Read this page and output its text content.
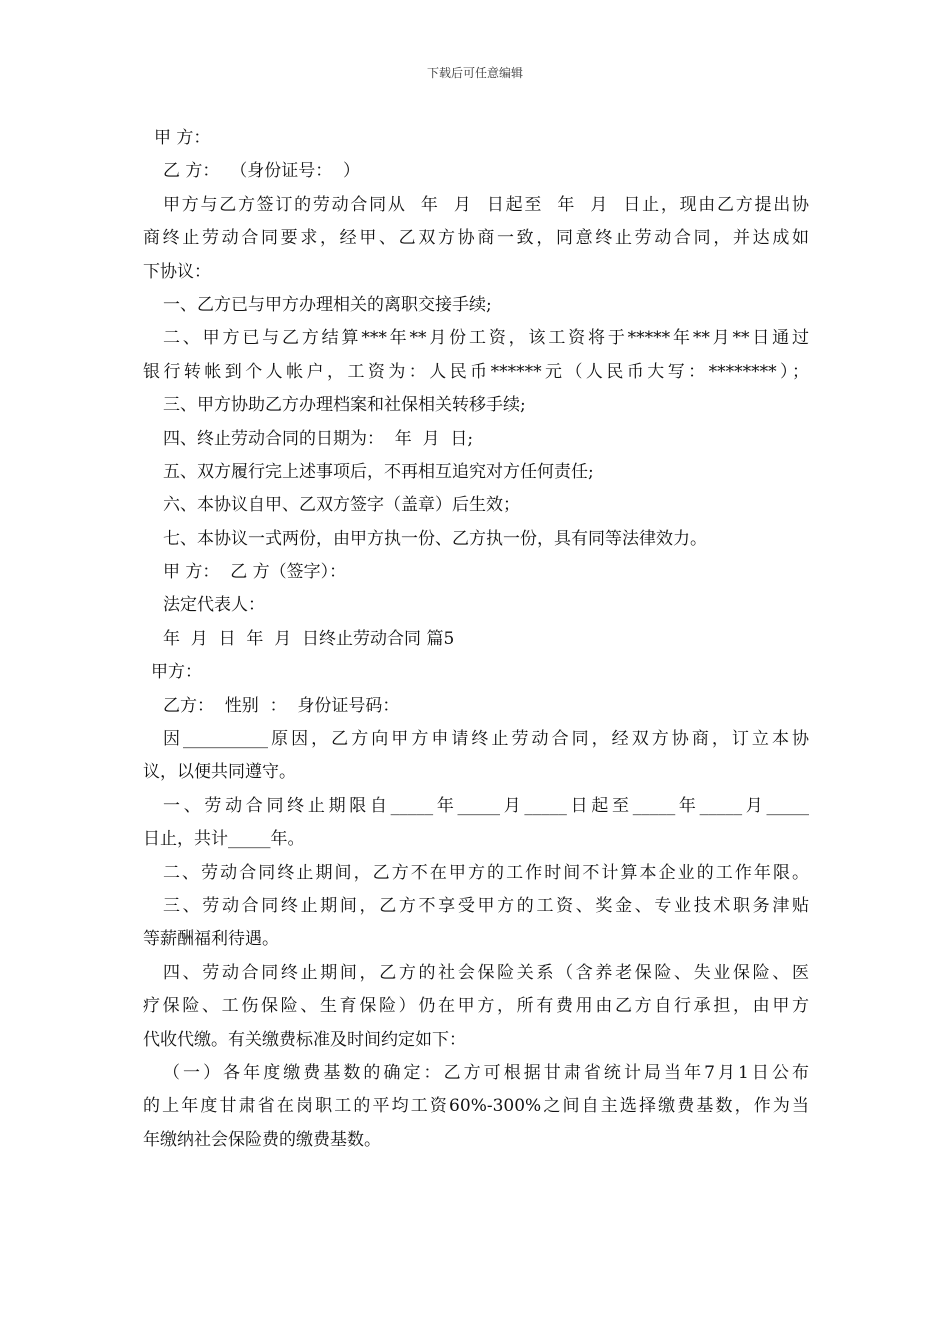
下载后可任意编辑
甲 方：
乙 方：  （身份证号：  ）
甲方与乙方签订的劳动合同从  年  月  日起至  年  月  日止，现由乙方提出协
商终止劳动合同要求，经甲、乙双方协商一致，同意终止劳动合同，并达成如
下协议：
一、乙方已与甲方办理相关的离职交接手续;
二、甲方已与乙方结算***年**月份工资，该工资将于*****年**月**日通过
银行转帐到个人帐户，工资为：人民币******元（人民币大写：********）；
三、甲方协助乙方办理档案和社保相关转移手续;
四、终止劳动合同的日期为：  年  月  日;
五、双方履行完上述事项后，不再相互追究对方任何责任;
六、本协议自甲、乙双方签字（盖章）后生效；
七、本协议一式两份，由甲方执一份、乙方执一份，具有同等法律效力。
甲 方：  乙 方（签字）：
法定代表人：
年  月  日  年  月  日终止劳动合同 篇5
甲方：
乙方：  性别  ：  身份证号码：
因__________原因，乙方向甲方申请终止劳动合同，经双方协商，订立本协
议，以便共同遵守。
一、劳动合同终止期限自_____年_____月_____日起至_____年_____月_____
日止，共计_____年。
二、劳动合同终止期间，乙方不在甲方的工作时间不计算本企业的工作年限。
三、劳动合同终止期间，乙方不享受甲方的工资、奖金、专业技术职务津贴
等薪酬福利待遇。
四、劳动合同终止期间，乙方的社会保险关系（含养老保险、失业保险、医
疗保险、工伤保险、生育保险）仍在甲方，所有费用由乙方自行承担，由甲方
代收代缴。有关缴费标准及时间约定如下：
（一）各年度缴费基数的确定：乙方可根据甘肃省统计局当年7月1日公布
的上年度甘肃省在岗职工的平均工资60%-300%之间自主选择缴费基数，作为当
年缴纳社会保险费的缴费基数。
